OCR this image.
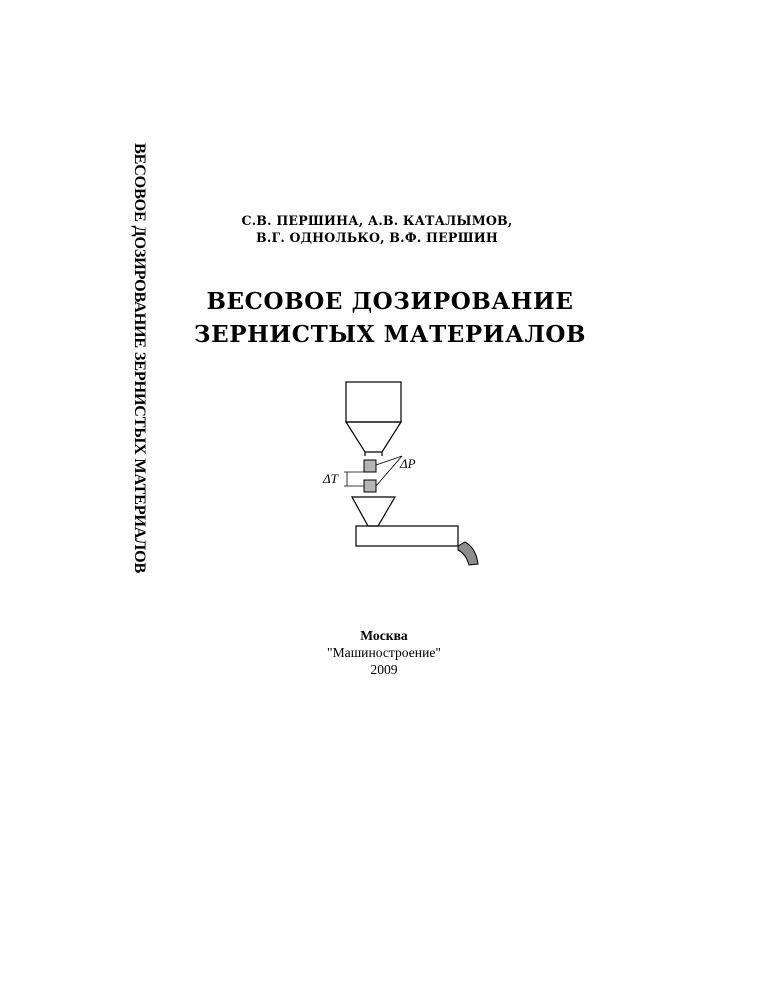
ВЕСОВОЕ ДОЗИРОВАНИЕ ЗЕРНИСТЫХ МАТЕРИАЛОВ	С.В. ПЕРШИНА, А.В. КАТАЛЫМОВ,
В.Г. ОДНОЛЬКО, В.Ф. ПЕРШИН
ВЕСОВОЕ ДОЗИРОВАНИЕ
ЗЕРНИСТЫХ МАТЕРИАЛОВ
ΔP
ΔT
Москва
"Машиностроение"
2009
